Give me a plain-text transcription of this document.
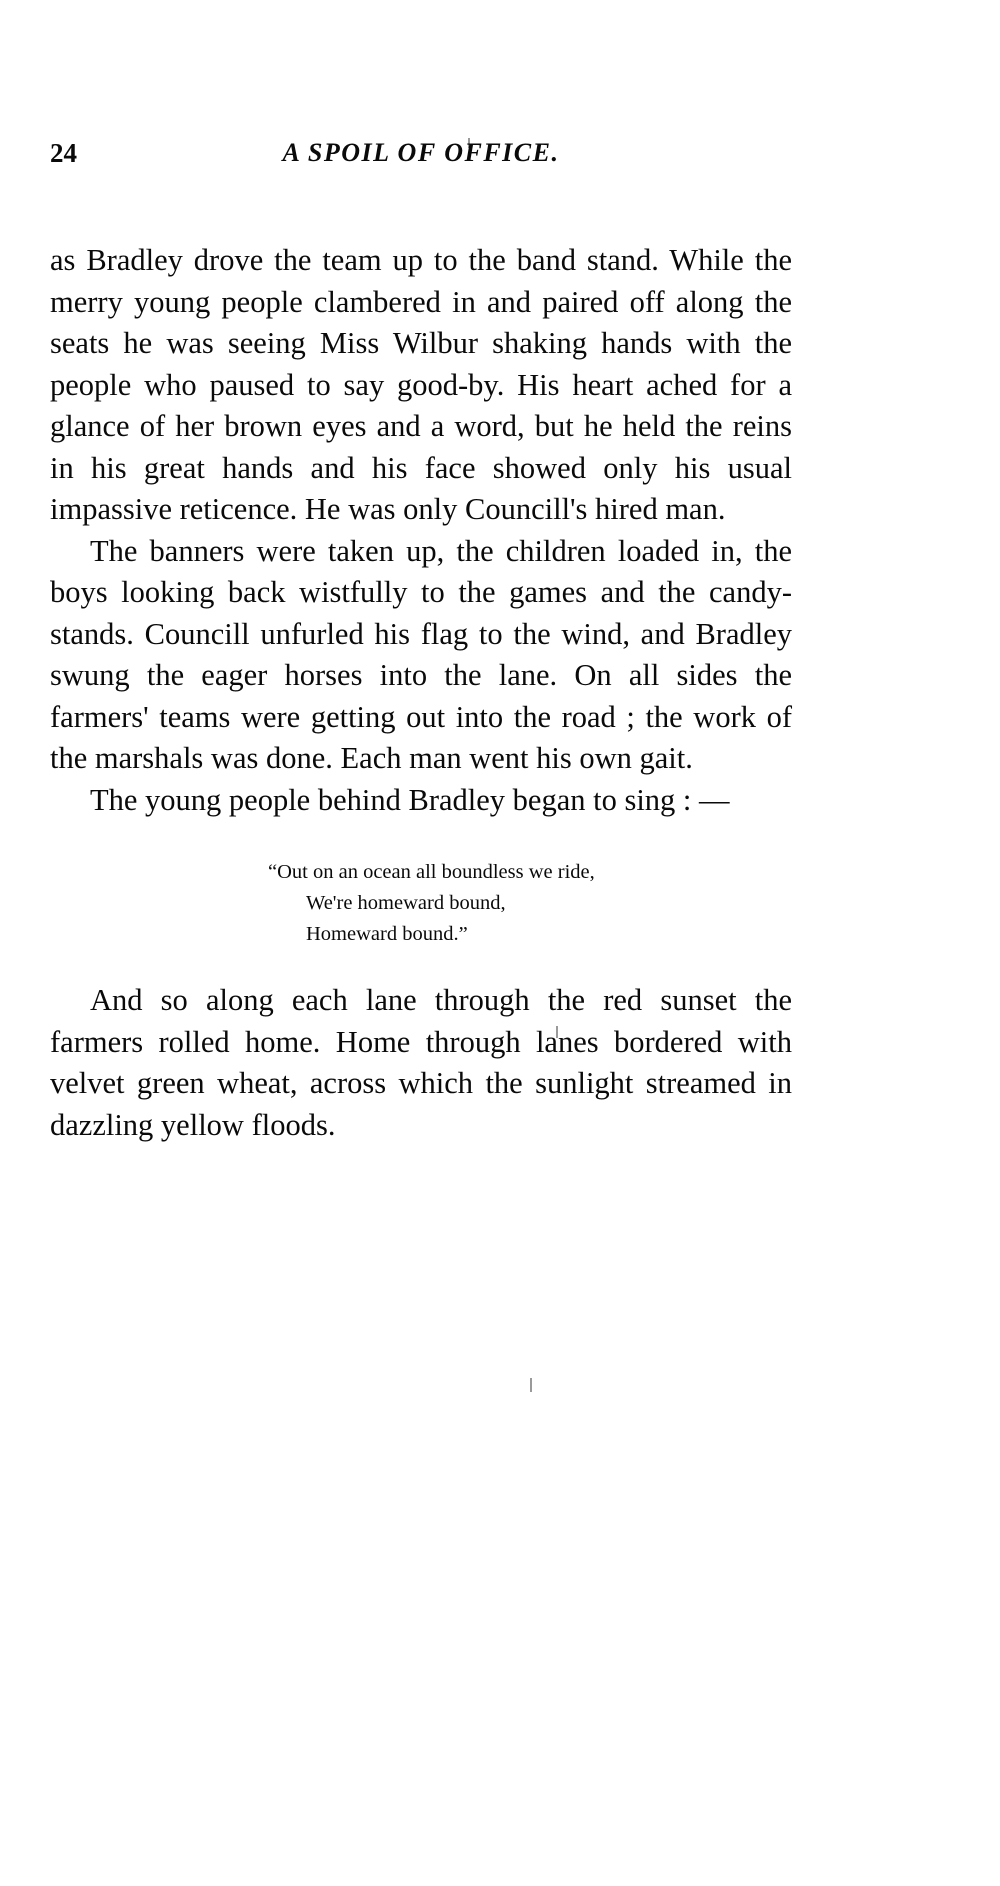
24	A SPOIL OF OFFICE.

as Bradley drove the team up to the band stand. While the merry young people clambered in and paired off along the seats he was seeing Miss Wilbur shaking hands with the people who paused to say good-by. His heart ached for a glance of her brown eyes and a word, but he held the reins in his great hands and his face showed only his usual impassive reticence. He was only Councill's hired man.

The banners were taken up, the children loaded in, the boys looking back wistfully to the games and the candy-stands. Councill unfurled his flag to the wind, and Bradley swung the eager horses into the lane. On all sides the farmers' teams were getting out into the road ; the work of the marshals was done. Each man went his own gait.

The young people behind Bradley began to sing : —

“Out on an ocean all boundless we ride,
We're homeward bound,
Homeward bound.”

And so along each lane through the red sunset the farmers rolled home. Home through lanes bordered with velvet green wheat, across which the sunlight streamed in dazzling yellow floods.
